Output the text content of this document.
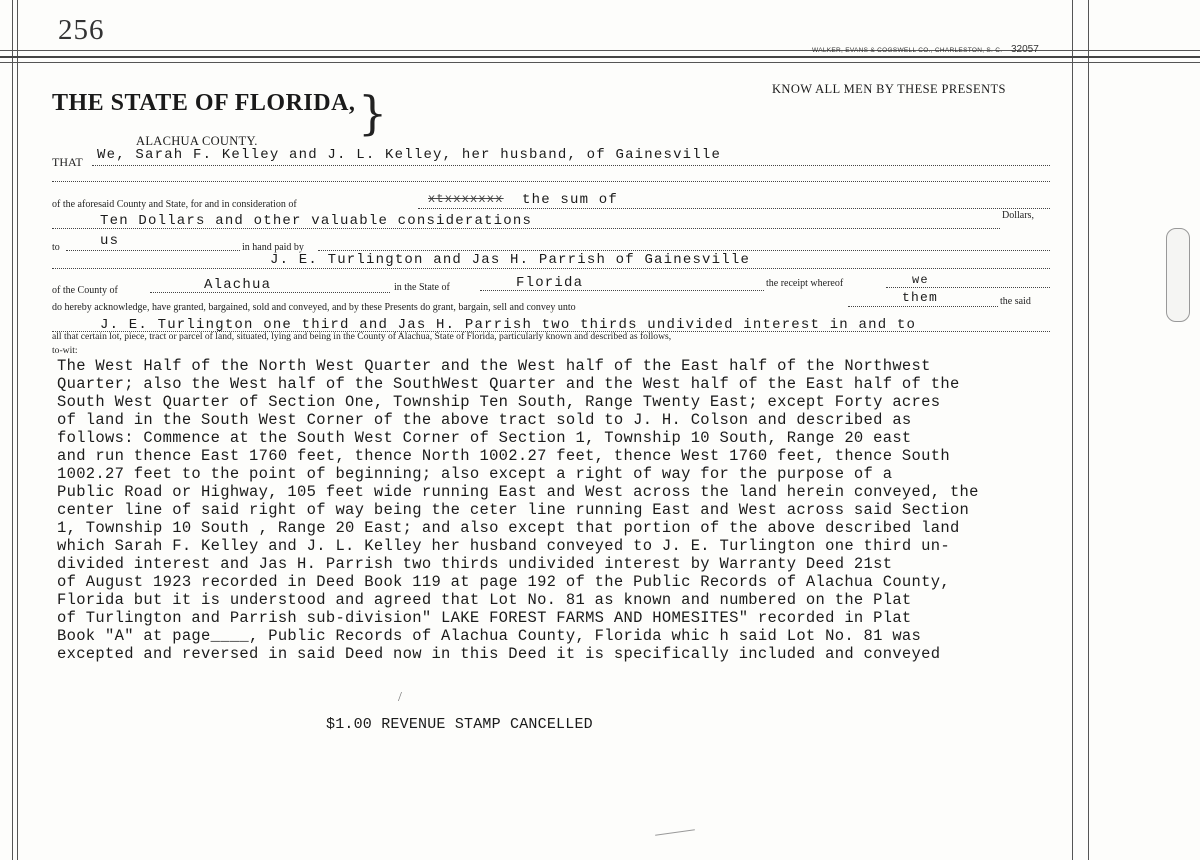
256
WALKER, EVANS & COGSWELL CO., CHARLESTON, S. C. 32057
THE STATE OF FLORIDA, }	KNOW ALL MEN BY THESE PRESENTS
ALACHUA COUNTY.
THAT We, Sarah F. Kelley and J. L. Kelley, her husband, of Gainesville
of the aforesaid County and State, for and in consideration of	xtxxxxxxx the sum of
Ten Dollars and other valuable considerations	Dollars,
to	us	in hand paid by
J. E. Turlington and Jas H. Parrish of Gainesville
of the County of	Alachua	in the State of	Florida	the receipt whereof	we
do hereby acknowledge, have granted, bargained, sold and conveyed, and by these Presents do grant, bargain, sell and convey unto
them	the said
J. E. Turlington one third and Jas H. Parrish two thirds undivided interest in and to
all that certain lot, piece, tract or parcel of land, situated, lying and being in the County of Alachua, State of Florida, particularly known and described as follows,
to-wit:
The West Half of the North West Quarter and the West half of the East half of the Northwest
Quarter; also the West half of the SouthWest Quarter and the West half of the East half of the
South West Quarter of Section One, Township Ten South, Range Twenty East; except Forty acres
of land in the South West Corner of the above tract sold to J. H. Colson and described as
follows: Commence at the South West Corner of Section 1, Township 10 South, Range 20 east
and run thence East 1760 feet, thence North 1002.27 feet, thence West 1760 feet, thence South
1002.27 feet to the point of beginning; also except a right of way for the purpose of a
Public Road or Highway, 105 feet wide running East and West across the land herein conveyed, the
center line of said right of way being the ceter line running East and West across said Section
1, Township 10 South , Range 20 East; and also except that portion of the above described land
which Sarah F. Kelley and J. L. Kelley her husband conveyed to J. E. Turlington one third un-
divided interest and Jas H. Parrish two thirds undivided interest by Warranty Deed 21st
of August 1923 recorded in Deed Book 119 at page 192 of the Public Records of Alachua County,
Florida but it is understood and agreed that Lot No. 81 as known and numbered on the Plat
of Turlington and Parrish sub-division" LAKE FOREST FARMS AND HOMESITES" recorded in Plat
Book "A" at page____, Public Records of Alachua County, Florida whic h said Lot No. 81 was
excepted and reversed in said Deed now in this Deed it is specifically included and conveyed
$1.00 REVENUE STAMP CANCELLED
/
